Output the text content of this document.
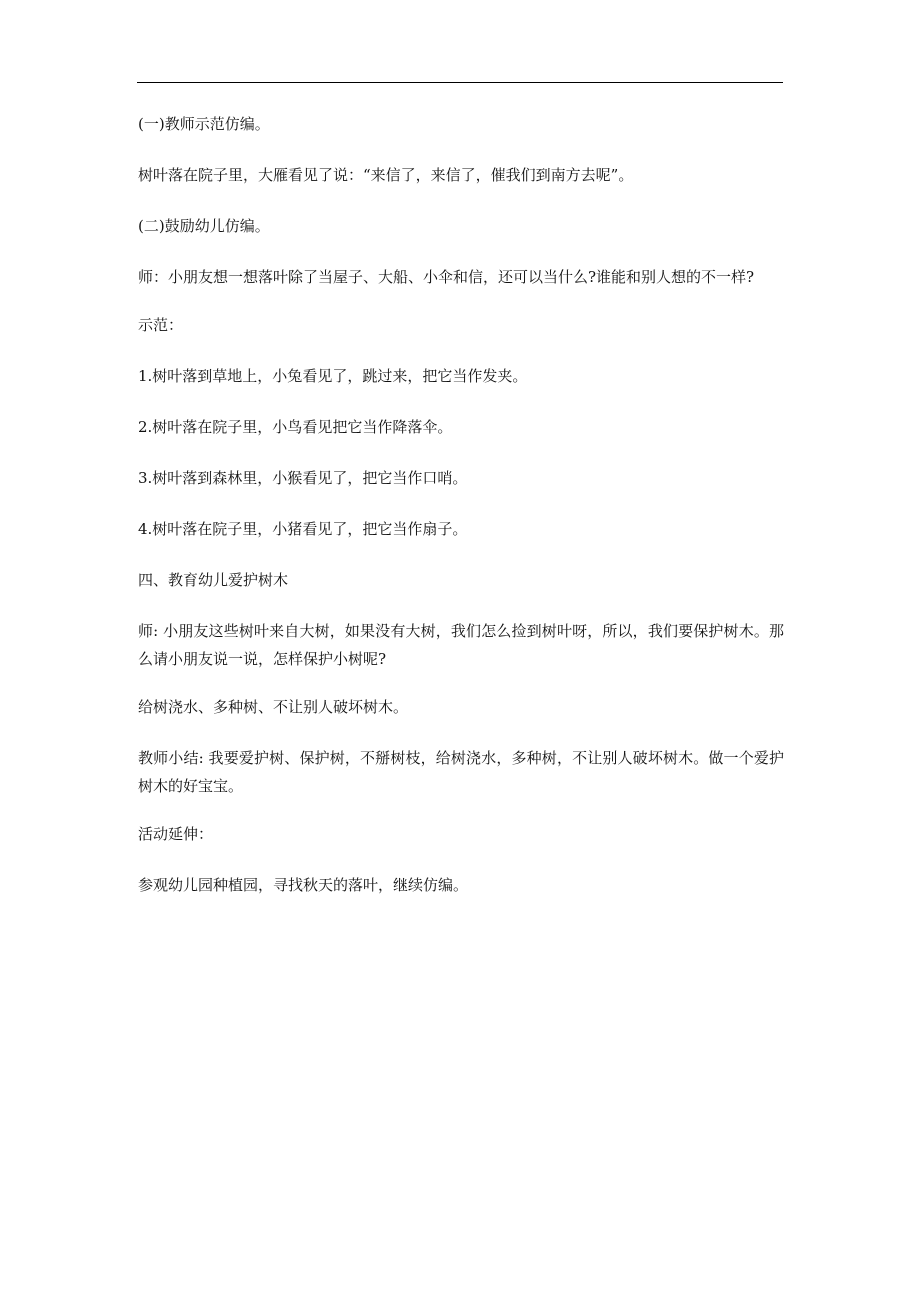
(一)教师示范仿编。

树叶落在院子里，大雁看见了说：“来信了，来信了，催我们到南方去呢”。

(二)鼓励幼儿仿编。

师：小朋友想一想落叶除了当屋子、大船、小伞和信，还可以当什么?谁能和别人想的不一样?

示范：

1.树叶落到草地上，小兔看见了，跳过来，把它当作发夹。

2.树叶落在院子里，小鸟看见把它当作降落伞。

3.树叶落到森林里，小猴看见了，把它当作口哨。

4.树叶落在院子里，小猪看见了，把它当作扇子。

四、教育幼儿爱护树木

师: 小朋友这些树叶来自大树，如果没有大树，我们怎么捡到树叶呀，所以，我们要保护树木。那么请小朋友说一说，怎样保护小树呢?

给树浇水、多种树、不让别人破坏树木。

教师小结: 我要爱护树、保护树，不掰树枝，给树浇水，多种树，不让别人破坏树木。做一个爱护树木的好宝宝。

活动延伸：

参观幼儿园种植园，寻找秋天的落叶，继续仿编。
